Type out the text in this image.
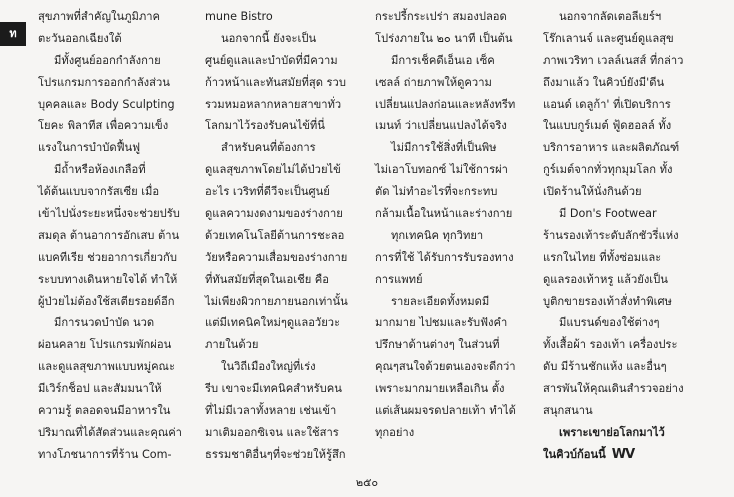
ท
สุขภาพที่สำคัญในภูมิภาค
ตะวันออกเฉียงใต้
มีทั้งศูนย์ออกกำลังกาย
โปรแกรมการออกกำลังส่วน
บุคคลและ Body Sculpting
โยคะ พิลาทีส เพื่อความเข็ง
แรงในการบำบัดฟื้นฟู
มีถ้ำหรือห้องเกลือที่
ได้ต้นแบบจากรัสเซีย เมื่อ
เข้าไปนั่งระยะหนึ่งจะช่วยปรับ
สมดุล ต้านอาการอักเสบ ต้าน
แบคทีเรีย ช่วยอาการเกี่ยวกับ
ระบบทางเดินหายใจได้ ทำให้
ผู้ป่วยไม่ต้องใช้สเตียรอยด์อีก
มีการนวดบำบัด นวด
ผ่อนคลาย โปรแกรมพักผ่อน
และดูแลสุขภาพแบบหมู่คณะ
มีเวิร์กช็อป และสัมมนาให้
ความรู้ ตลอดจนมีอาหารใน
ปริมาณที่ได้สัดส่วนและคุณค่า
ทางโภชนาการที่ร้าน Com-
mune Bistro
นอกจากนี้ ยังจะเป็น
ศูนย์ดูแลและบำบัดที่มีความ
ก้าวหน้าและทันสมัยที่สุด รวบ
รวมหมอหลากหลายสาขาทั่ว
โลกมาไว้รองรับคนไข้ที่นี่
สำหรับคนที่ต้องการ
ดูแลสุขภาพโดยไม่ได้ป่วยไข้
อะไร เวริทที่ดีวีจะเป็นศูนย์
ดูแลความงดงามของร่างกาย
ด้วยเทคโนโลยีต้านการชะลอ
วัยหรือความเสื่อมของร่างกาย
ที่ทันสมัยที่สุดในเอเชีย คือ
ไม่เพียงผิวกายภายนอกเท่านั้น
แต่มีเทคนิคใหม่ๆดูแลอวัยวะ
ภายในด้วย
ในวิถีเมืองใหญ่ที่เร่ง
รีบ เขาจะมีเทคนิคสำหรับคน
ที่ไม่มีเวลาทั้งหลาย เช่นเข้า
มาเติมออกซิเจน และใช้สาร
ธรรมชาติอื่นๆที่จะช่วยให้รู้สึก
กระปรี้กระเปร่า สมองปลอด
โปร่งภายใน ๒๐ นาที เป็นต้น
มีการเช็คดีเอ็นเอ เซ็ค
เซลล์ ถ่ายภาพให้ดูความ
เปลี่ยนแปลงก่อนและหลังทรีท
เมนท์ ว่าเปลี่ยนแปลงได้จริง
ไม่มีการใช้สิ่งที่เป็นพิษ
ไม่เอาโบทอกซ์ ไม่ใช้การผ่า
ตัด ไม่ทำอะไรที่จะกระทบ
กล้ามเนื้อในหน้าและร่างกาย
ทุกเทคนิค ทุกวิทยา
การที่ใช้ ได้รับการรับรองทาง
การแพทย์
รายละเอียดทั้งหมดมี
มากมาย ไปชมและรับฟังคำ
ปรึกษาด้านต่างๆ ในส่วนที่
คุณๆสนใจด้วยตนเองจะดีกว่า
เพราะมากมายเหลือเกิน ตั้ง
แต่เส้นผมจรดปลายเท้า ทำได้
ทุกอย่าง
นอกจากลัดเตอลีเยร์ฯ
โร๊กเลานจ์ และศูนย์ดูแลสุข
ภาพเวริทา เวลล์เนสส์ ที่กล่าว
ถึงมาแล้ว ในคิวบ์ยังมี'ดีน
แอนด์ เดลูก้า' ที่เปิดบริการ
ในแบบกูร์เมต์ ฟู้ดฮอลล์ ทั้ง
บริการอาหาร และผลิตภัณฑ์
กูร์เมต์จากทั่วทุกมุมโลก ทั้ง
เปิดร้านให้นั่งกินด้วย
มี Don's Footwear
ร้านรองเท้าระดับลักชัวรี่แห่ง
แรกในไทย ที่ทั้งซ่อมและ
ดูแลรองเท้าหรู แล้วยังเป็น
บูติกขายรองเท้าสั่งทำพิเศษ
มีแบรนด์ของใช้ต่างๆ
ทั้งเสื้อผ้า รองเท้า เครื่องประ
ดับ มีร้านชักแห้ง และอื่นๆ
สารพันให้คุณเดินสำรวจอย่าง
สนุกสนาน
เพราะเขาย่อโลกมาไว้
ในคิวบ์ก้อนนี้ WV
๒๕๐
